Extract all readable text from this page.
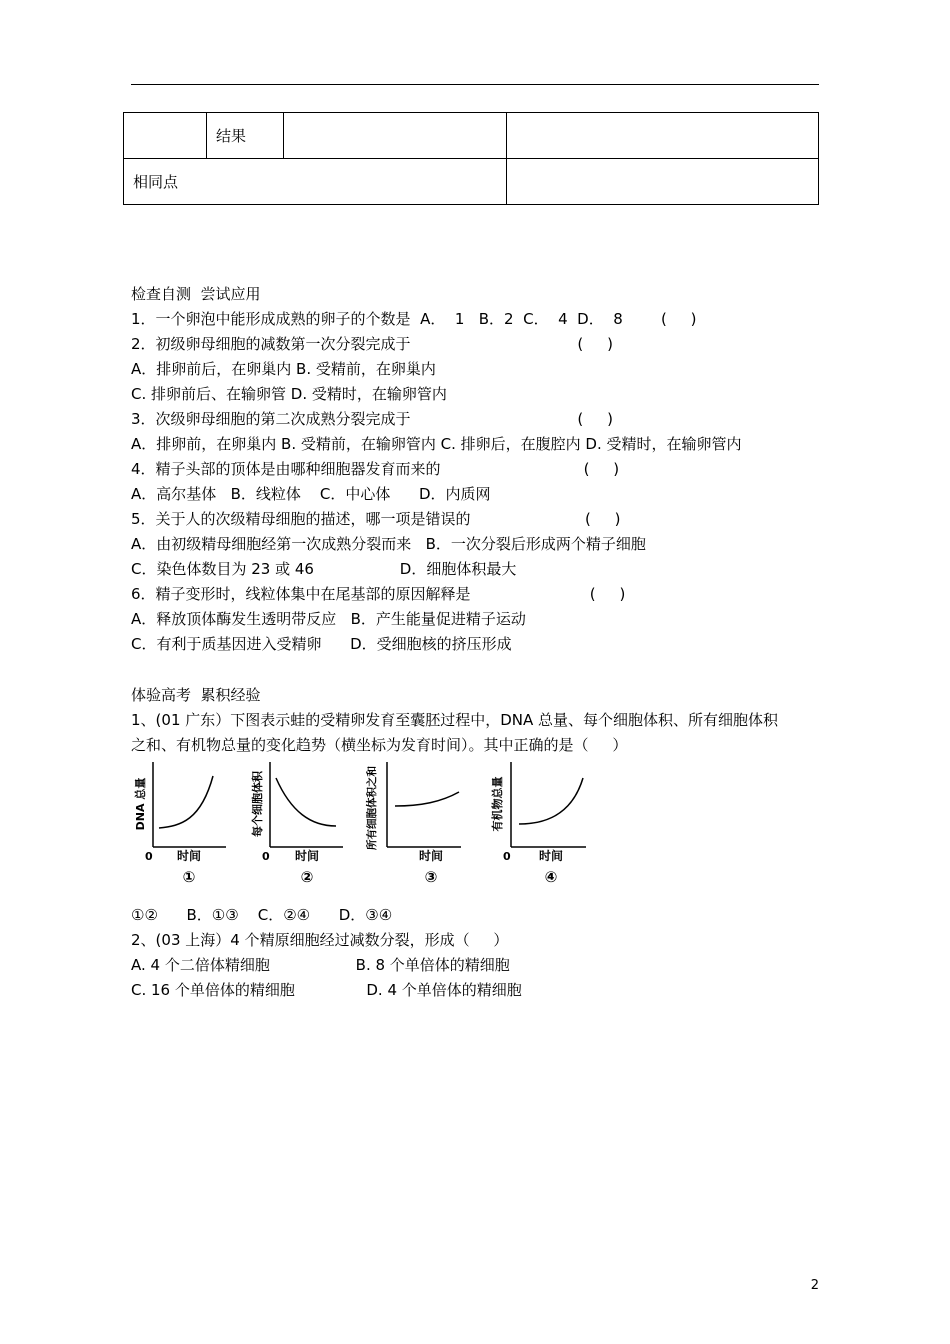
	结果		
相同点			
检查自测  尝试应用
1．一个卵泡中能形成成熟的卵子的个数是  A．  1   B．2  C．  4  D．  8        (     )
2．初级卵母细胞的减数第一次分裂完成于                                   (     )
A．排卵前后，在卵巢内 B. 受精前，在卵巢内
C. 排卵前后、在输卵管 D. 受精时，在输卵管内
3．次级卵母细胞的第二次成熟分裂完成于                                   (     )
A．排卵前，在卵巢内 B. 受精前，在输卵管内 C. 排卵后，在腹腔内 D. 受精时，在输卵管内
4．精子头部的顶体是由哪种细胞器发育而来的                              (     )
A．高尔基体   B．线粒体    C．中心体      D．内质网
5．关于人的次级精母细胞的描述，哪一项是错误的                        (     )
A．由初级精母细胞经第一次成熟分裂而来   B．一次分裂后形成两个精子细胞
C．染色体数目为 23 或 46                  D．细胞体积最大
6．精子变形时，线粒体集中在尾基部的原因解释是                         (     )
A．释放顶体酶发生透明带反应   B．产生能量促进精子运动
C．有利于质基因进入受精卵      D．受细胞核的挤压形成
体验高考  累积经验
1、(01 广东）下图表示蛙的受精卵发育至囊胚过程中，DNA 总量、每个细胞体积、所有细胞体积
之和、有机物总量的变化趋势（横坐标为发育时间）。其中正确的是（     ）
DNA 总量
0 时间
①
每个细胞体积
0 时间
②
所有细胞体积之和
时间
③
有机物总量
0 时间
④
①②      B．①③    C．②④      D．③④
2、(03 上海）4 个精原细胞经过减数分裂，形成（     ）
A. 4 个二倍体精细胞                  B. 8 个单倍体的精细胞
C. 16 个单倍体的精细胞               D. 4 个单倍体的精细胞
2
